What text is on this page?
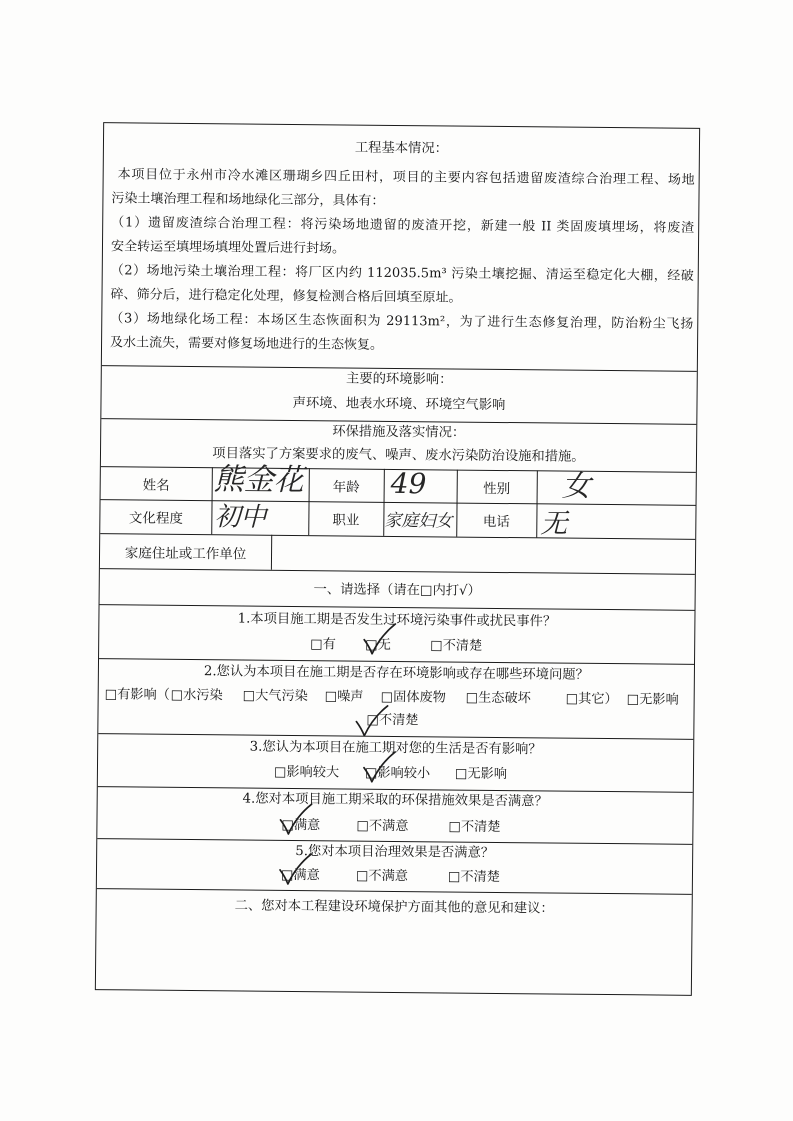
工程基本情况：
本项目位于永州市冷水滩区珊瑚乡四丘田村，项目的主要内容包括遗留废渣综合治理工程、场地
污染土壤治理工程和场地绿化三部分，具体有：
（1）遗留废渣综合治理工程：将污染场地遗留的废渣开挖，新建一般 II 类固废填埋场，将废渣
安全转运至填埋场填埋处置后进行封场。
（2）场地污染土壤治理工程：将厂区内约 112035.5m³ 污染土壤挖掘、清运至稳定化大棚，经破
碎、筛分后，进行稳定化处理，修复检测合格后回填至原址。
（3）场地绿化场工程：本场区生态恢面积为 29113m²，为了进行生态修复治理，防治粉尘飞扬
及水土流失，需要对修复场地进行的生态恢复。
主要的环境影响：
声环境、地表水环境、环境空气影响
环保措施及落实情况：
项目落实了方案要求的废气、噪声、废水污染防治设施和措施。
姓名	熊金花	年龄	49	性别	女
文化程度	初中	职业	家庭妇女	电话	无
家庭住址或工作单位
一、请选择（请在□内打√）
1.本项目施工期是否发生过环境污染事件或扰民事件？
□有 □无	□不清楚
2.您认为本项目在施工期是否存在环境影响或存在哪些环境问题？
□有影响（ □水污染 □大气污染 □噪声 □固体废物 □生态破坏	□其它） □无影响
□不清楚
3.您认为本项目在施工期对您的生活是否有影响？
□影响较大 □影响较小 □无影响
4.您对本项目施工期采取的环保措施效果是否满意？
□满意	□不满意	□不清楚
5.您对本项目治理效果是否满意？
□满意	□不满意	□不清楚
二、您对本工程建设环境保护方面其他的意见和建议：
